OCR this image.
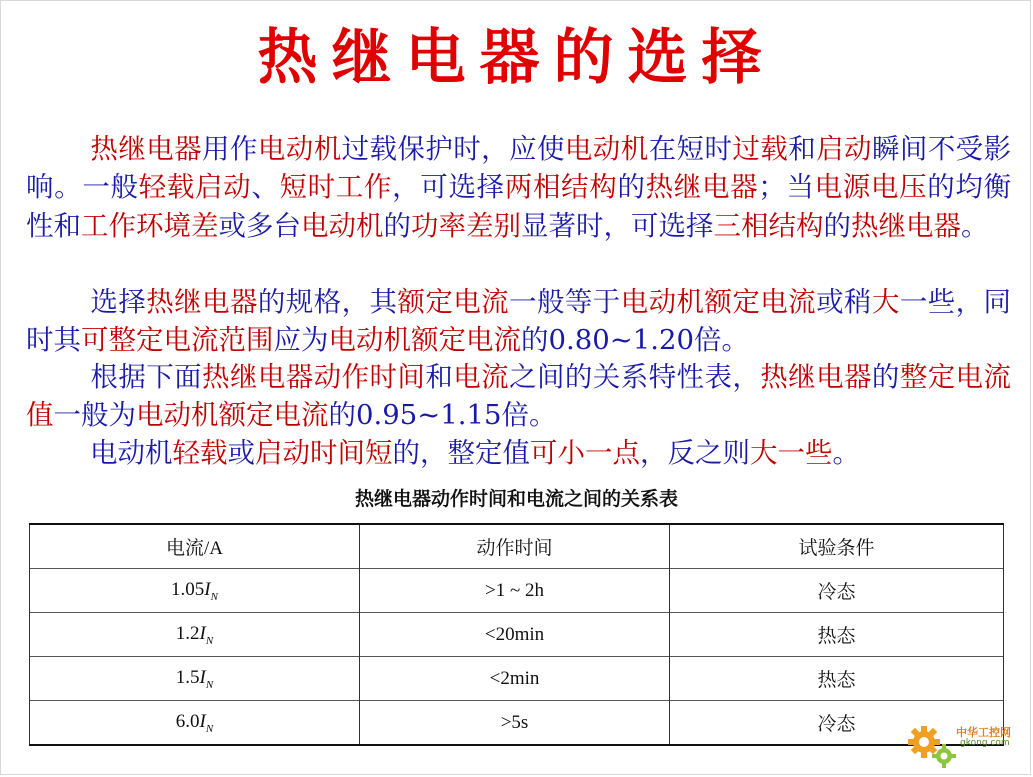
热继电器的选择
热继电器用作电动机过载保护时，应使电动机在短时过载和启动瞬间不受影响。一般轻载启动、短时工作，可选择两相结构的热继电器；当电源电压的均衡性和工作环境差或多台电动机的功率差别显著时，可选择三相结构的热继电器。
选择热继电器的规格，其额定电流一般等于电动机额定电流或稍大一些，同时其可整定电流范围应为电动机额定电流的0.80~1.20倍。
根据下面热继电器动作时间和电流之间的关系特性表，热继电器的整定电流值一般为电动机额定电流的0.95~1.15倍。
电动机轻载或启动时间短的，整定值可小一点，反之则大一些。
热继电器动作时间和电流之间的关系表
电流/A	动作时间	试验条件
$1.05I_N$	>1 ~ 2h	冷态
$1.2I_N$	<20min	热态
$1.5I_N$	<2min	热态
$6.0I_N$	>5s	冷态	中华工控网
gkong.com
